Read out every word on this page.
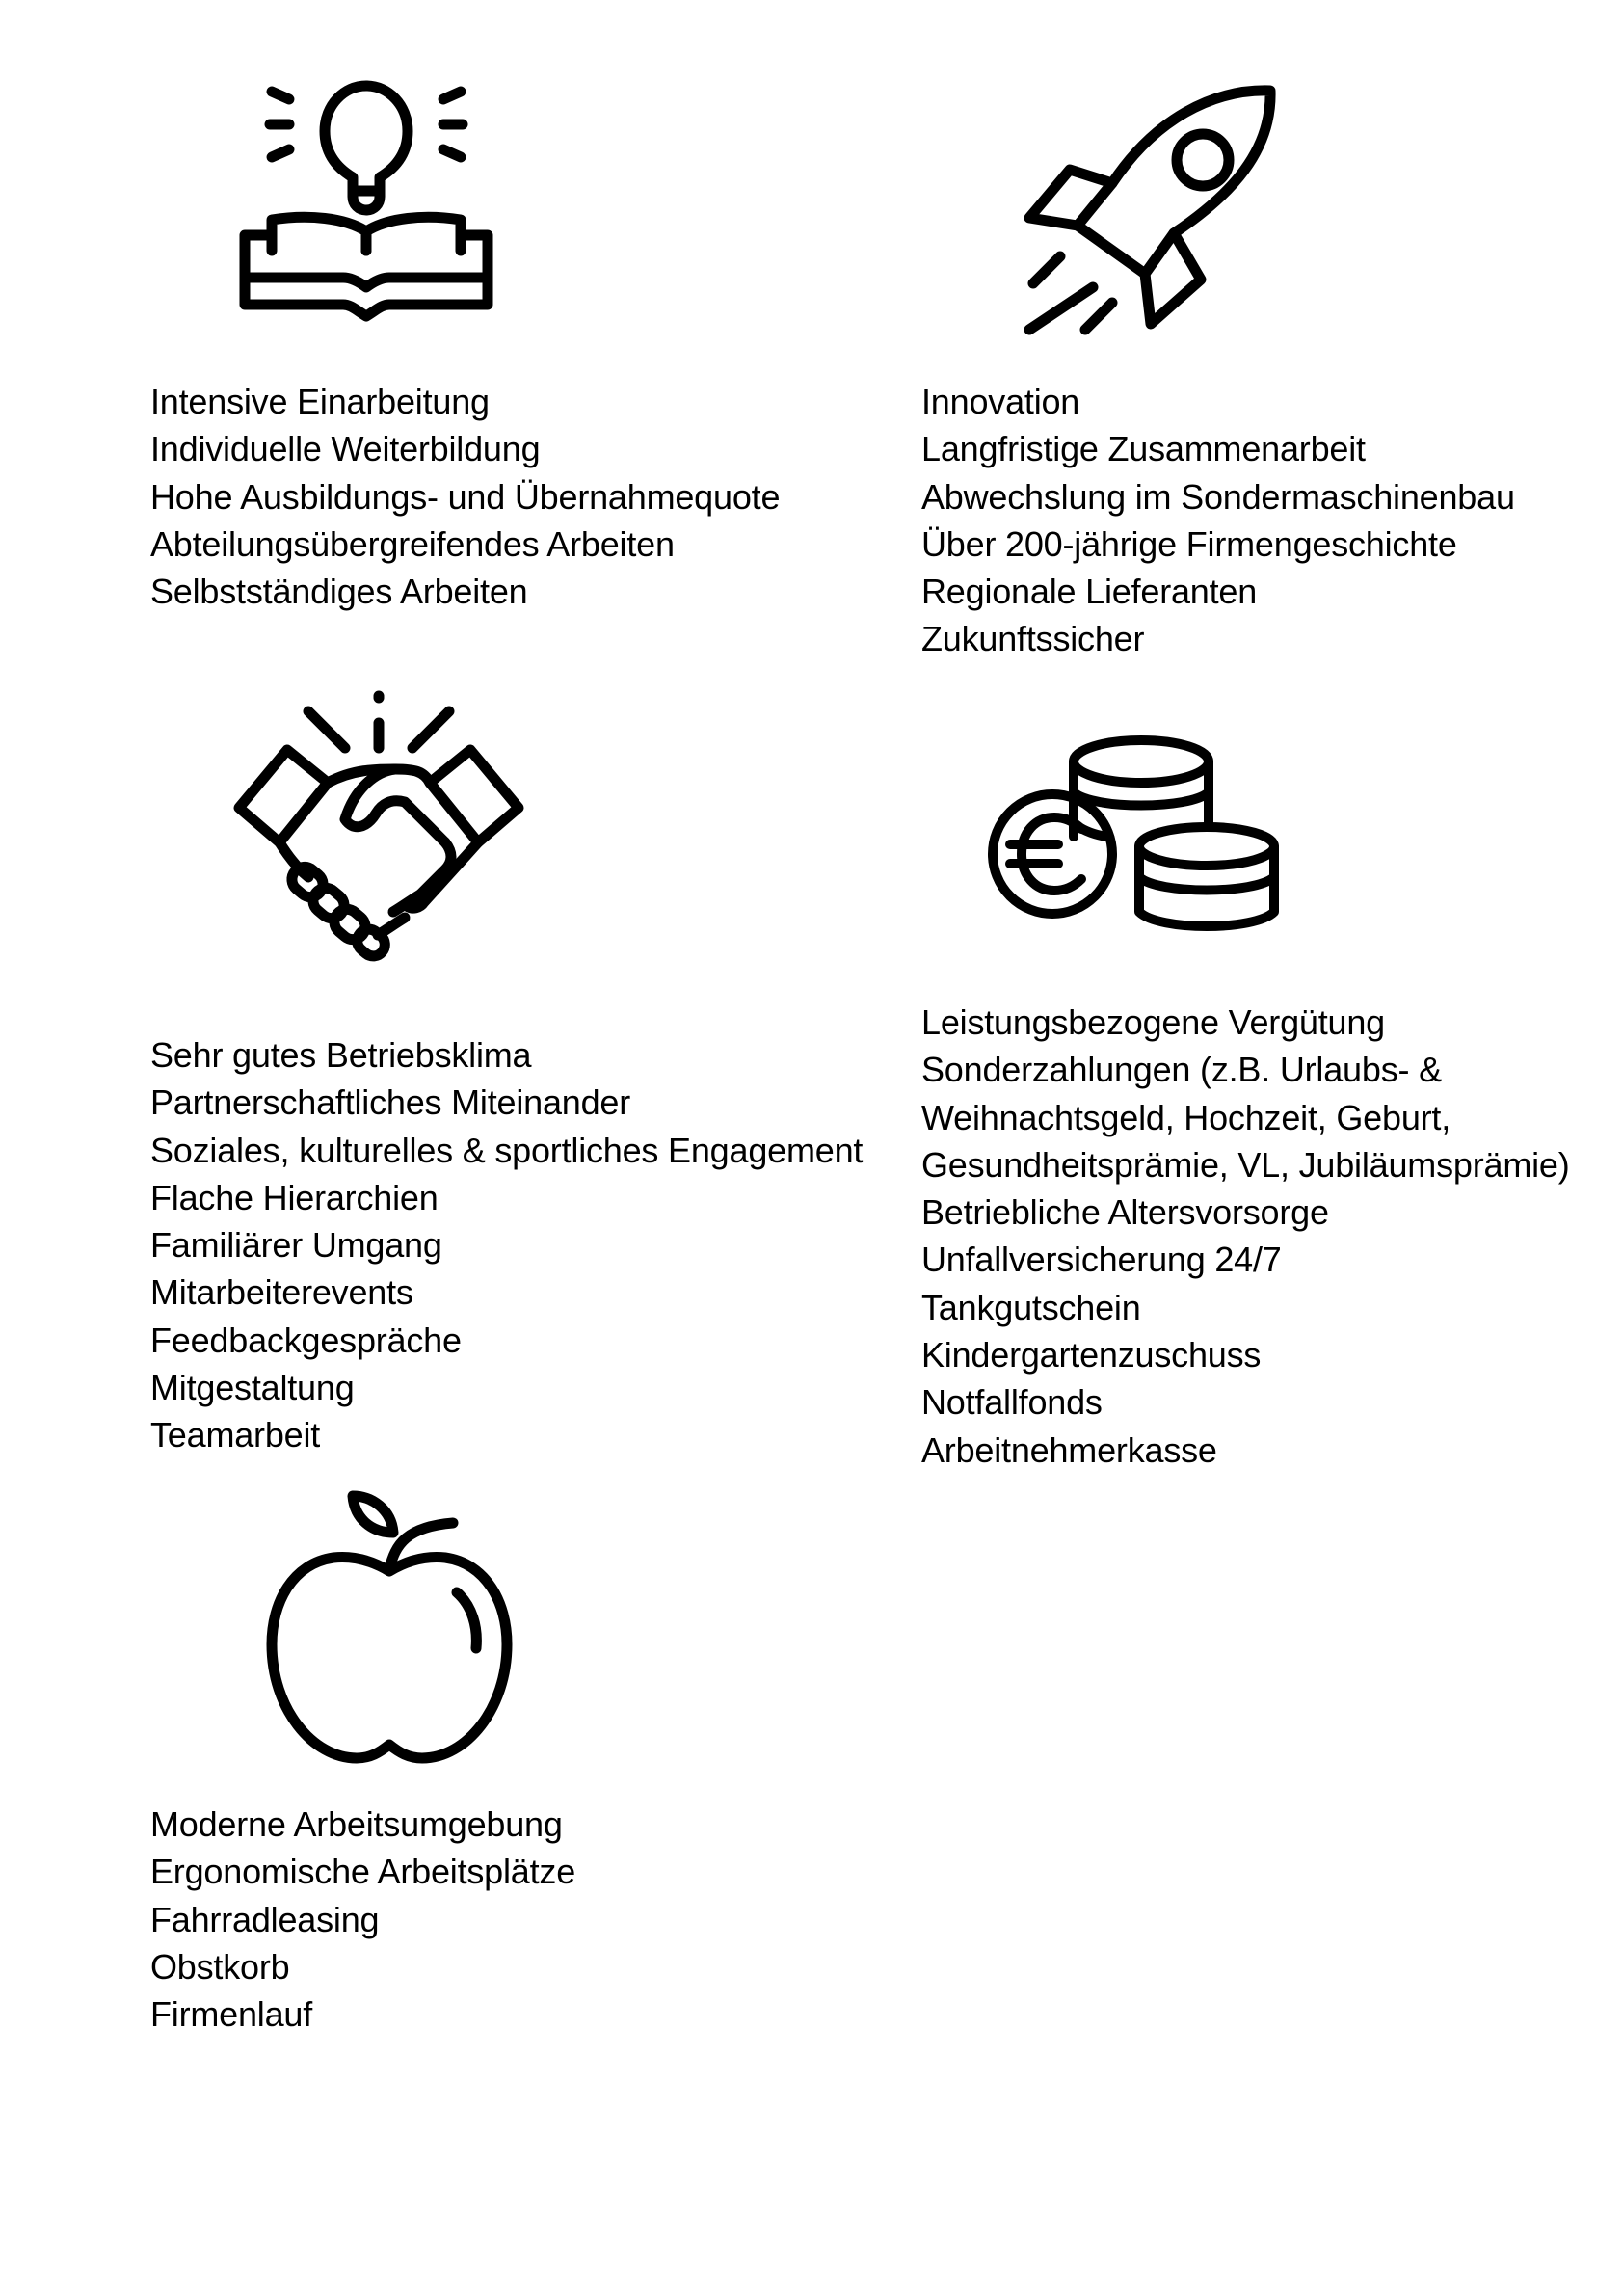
Intensive Einarbeitung
Individuelle Weiterbildung
Hohe Ausbildungs- und Übernahmequote
Abteilungsübergreifendes Arbeiten
Selbstständiges Arbeiten
Innovation
Langfristige Zusammenarbeit
Abwechslung im Sondermaschinenbau
Über 200-jährige Firmengeschichte
Regionale Lieferanten
Zukunftssicher
Sehr gutes Betriebsklima
Partnerschaftliches Miteinander
Soziales, kulturelles & sportliches Engagement
Flache Hierarchien
Familiärer Umgang
Mitarbeiterevents
Feedbackgespräche
Mitgestaltung
Teamarbeit
Leistungsbezogene Vergütung
Sonderzahlungen (z.B. Urlaubs- &
Weihnachtsgeld, Hochzeit, Geburt,
Gesundheitsprämie, VL, Jubiläumsprämie)
Betriebliche Altersvorsorge
Unfallversicherung 24/7
Tankgutschein
Kindergartenzuschuss
Notfallfonds
Arbeitnehmerkasse
Moderne Arbeitsumgebung
Ergonomische Arbeitsplätze
Fahrradleasing
Obstkorb
Firmenlauf
